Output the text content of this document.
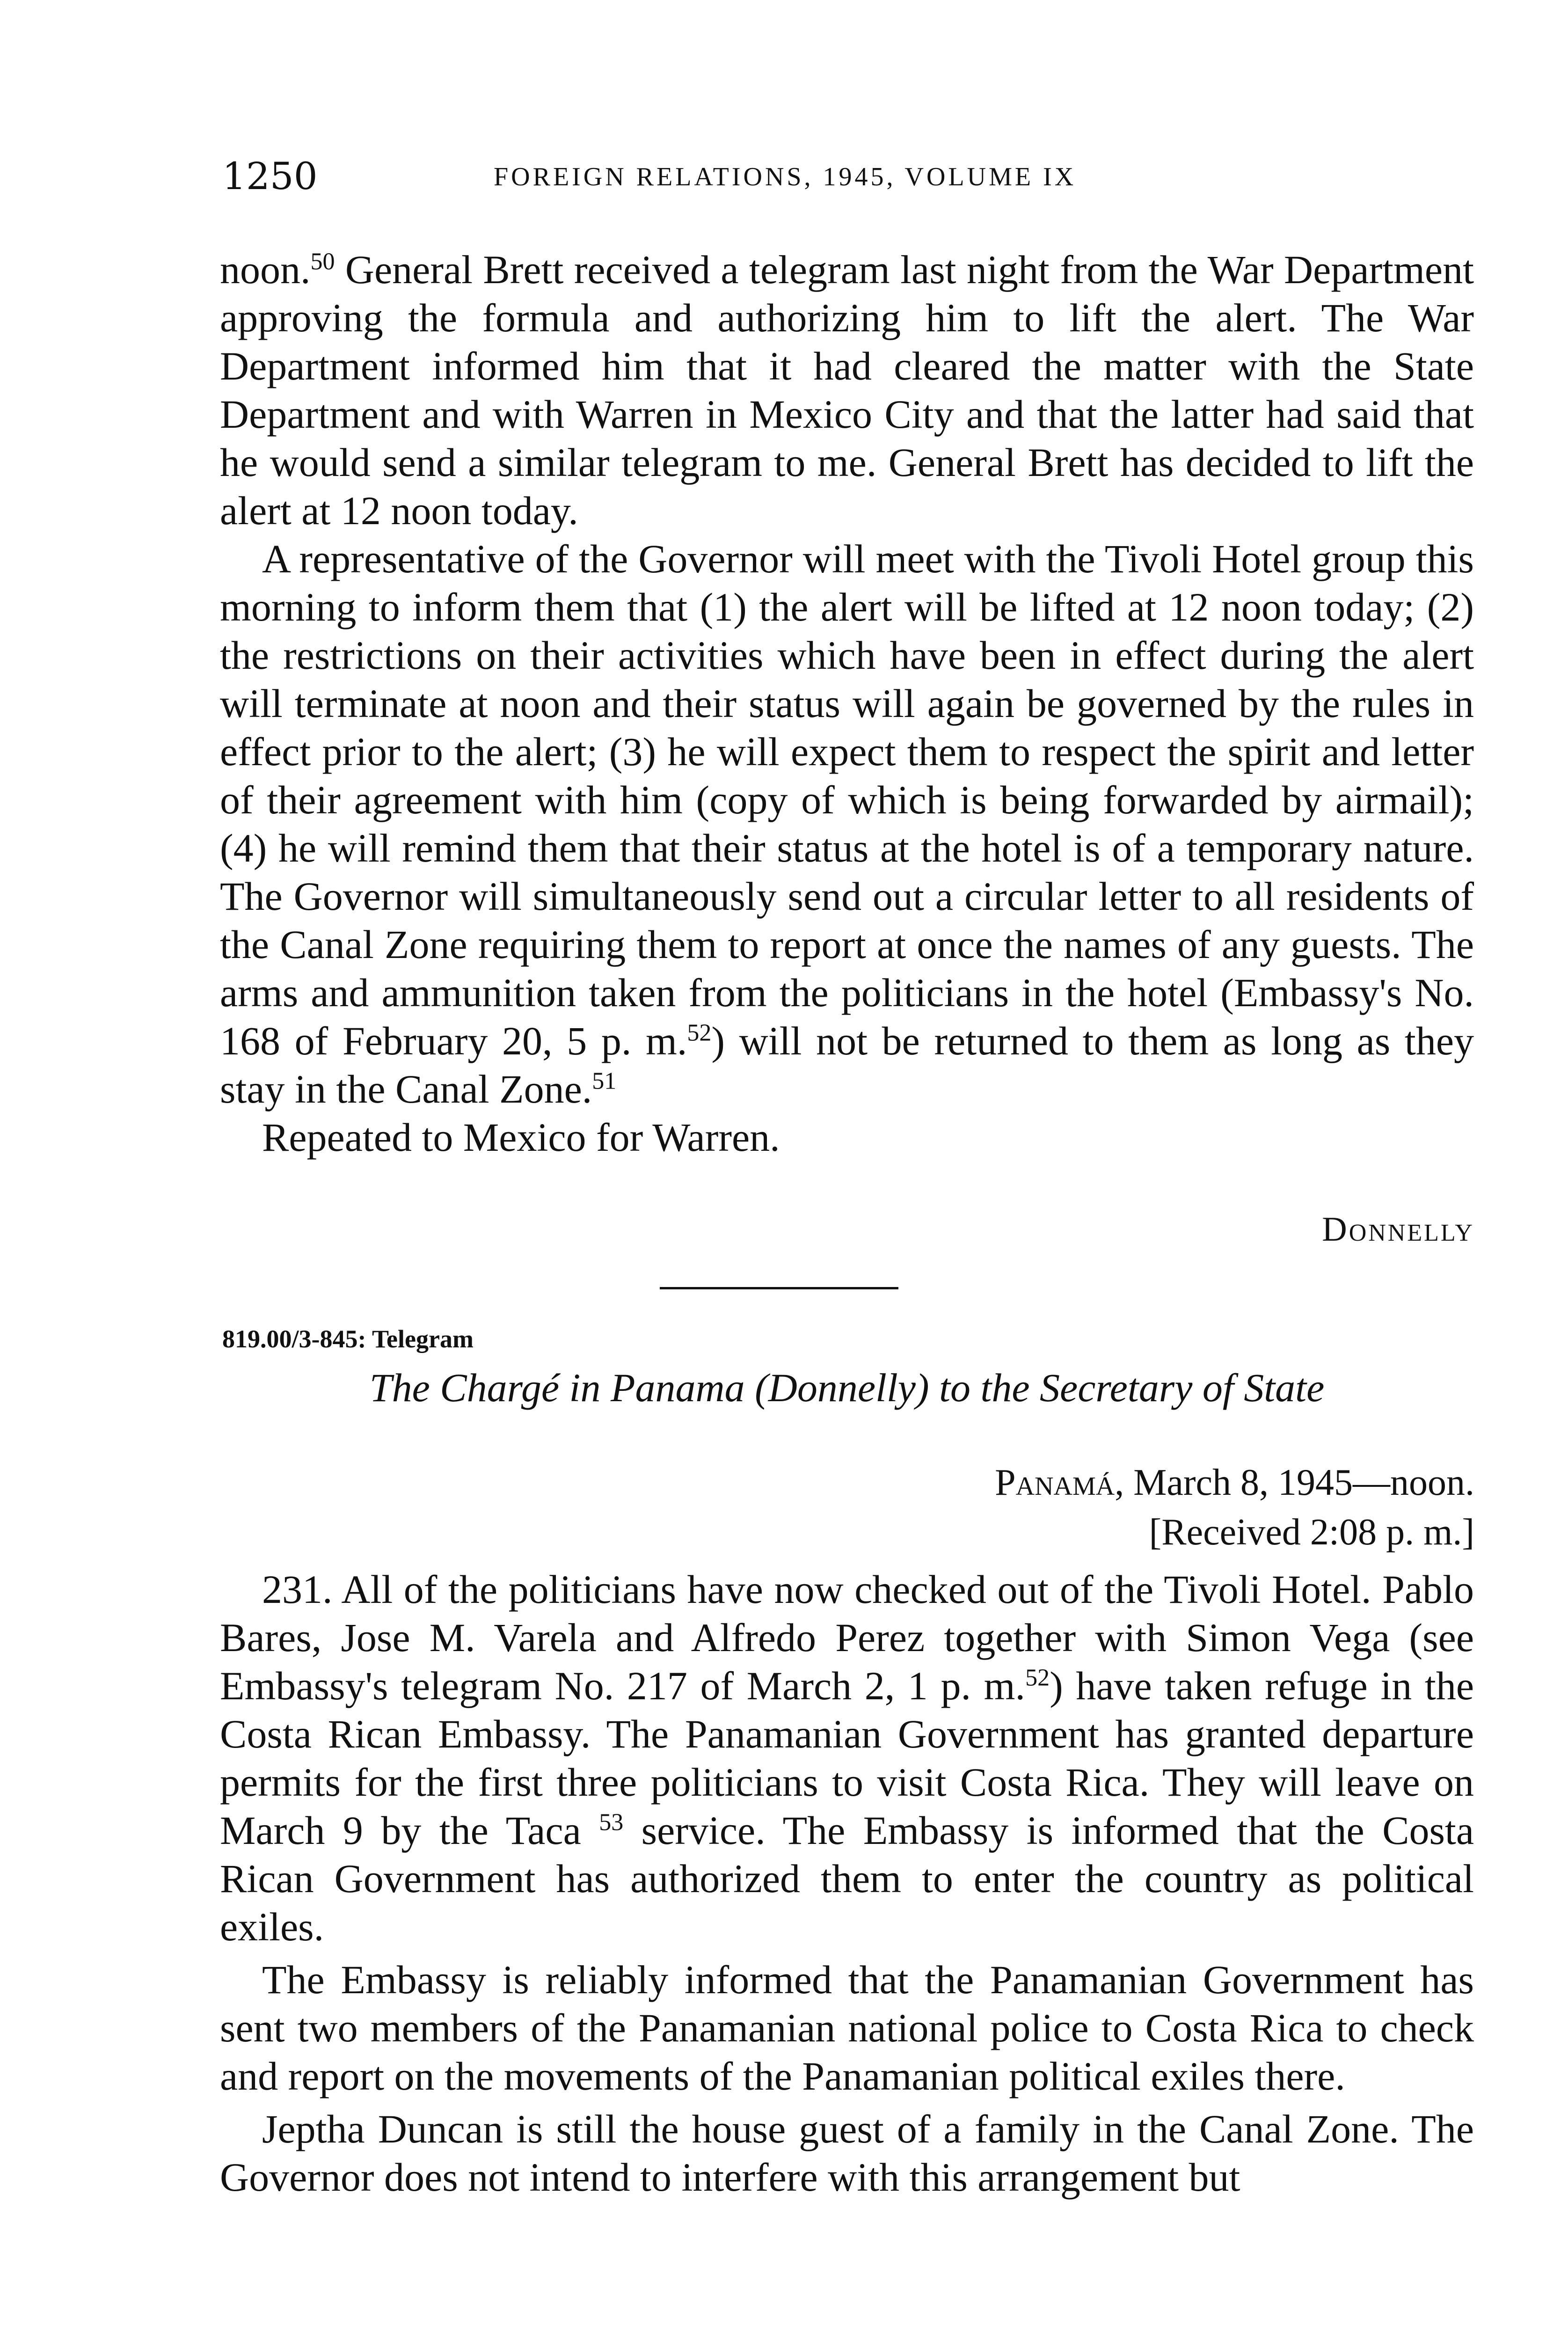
1250	FOREIGN RELATIONS, 1945, VOLUME IX

noon.$^{50}$ General Brett received a telegram last night from the War Department approving the formula and authorizing him to lift the alert. The War Department informed him that it had cleared the matter with the State Department and with Warren in Mexico City and that the latter had said that he would send a similar telegram to me. General Brett has decided to lift the alert at 12 noon today.

A representative of the Governor will meet with the Tivoli Hotel group this morning to inform them that (1) the alert will be lifted at 12 noon today; (2) the restrictions on their activities which have been in effect during the alert will terminate at noon and their status will again be governed by the rules in effect prior to the alert; (3) he will expect them to respect the spirit and letter of their agreement with him (copy of which is being forwarded by airmail); (4) he will remind them that their status at the hotel is of a temporary nature. The Governor will simultaneously send out a circular letter to all residents of the Canal Zone requiring them to report at once the names of any guests. The arms and ammunition taken from the politicians in the hotel (Embassy's No. 168 of February 20, 5 p. m.$^{52}$) will not be returned to them as long as they stay in the Canal Zone.$^{51}$

Repeated to Mexico for Warren.

Donnelly
819.00/3-845: Telegram
The Chargé in Panama (Donnelly) to the Secretary of State
Panamá, March 8, 1945—noon.
[Received 2:08 p. m.]

231. All of the politicians have now checked out of the Tivoli Hotel. Pablo Bares, Jose M. Varela and Alfredo Perez together with Simon Vega (see Embassy's telegram No. 217 of March 2, 1 p. m.$^{52}$) have taken refuge in the Costa Rican Embassy. The Panamanian Government has granted departure permits for the first three politicians to visit Costa Rica. They will leave on March 9 by the Taca $^{53}$ service. The Embassy is informed that the Costa Rican Government has authorized them to enter the country as political exiles.

The Embassy is reliably informed that the Panamanian Government has sent two members of the Panamanian national police to Costa Rica to check and report on the movements of the Panamanian political exiles there.

Jeptha Duncan is still the house guest of a family in the Canal Zone. The Governor does not intend to interfere with this arrangement but
